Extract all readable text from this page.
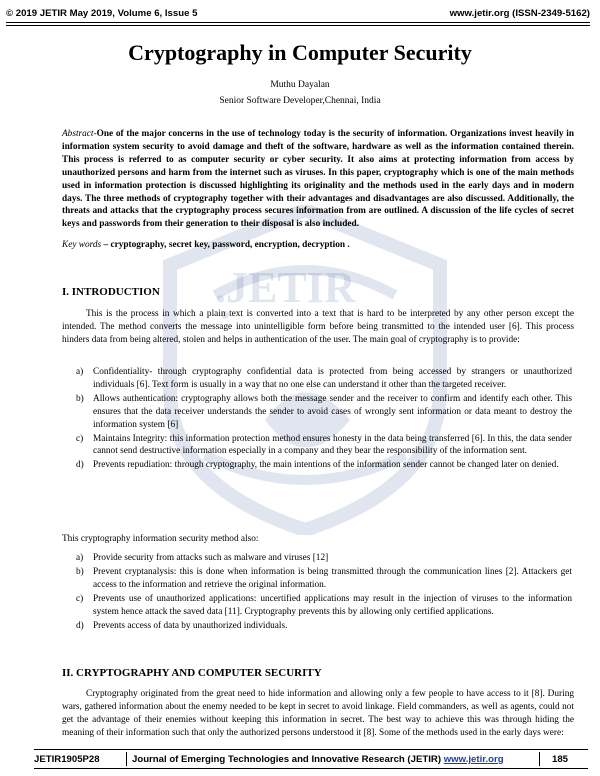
© 2019 JETIR May 2019, Volume 6, Issue 5	www.jetir.org (ISSN-2349-5162)
.JETIR
Cryptography in Computer Security
Muthu Dayalan
Senior Software Developer,Chennai, India
Abstract-One of the major concerns in the use of technology today is the security of information. Organizations invest heavily in information system security to avoid damage and theft of the software, hardware as well as the information contained therein. This process is referred to as computer security or cyber security. It also aims at protecting information from access by unauthorized persons and harm from the internet such as viruses. In this paper, cryptography which is one of the main methods used in information protection is discussed highlighting its originality and the methods used in the early days and in modern days. The three methods of cryptography together with their advantages and disadvantages are also discussed. Additionally, the threats and attacks that the cryptography process secures information from are outlined. A discussion of the life cycles of secret keys and passwords from their generation to their disposal is also included.
Key words – cryptography, secret key, password, encryption, decryption .
I. INTRODUCTION
This is the process in which a plain text is converted into a text that is hard to be interpreted by any other person except the intended. The method converts the message into unintelligible form before being transmitted to the intended user [6]. This process hinders data from being altered, stolen and helps in authentication of the user. The main goal of cryptography is to provide:
a) Confidentiality- through cryptography confidential data is protected from being accessed by strangers or unauthorized individuals [6]. Text form is usually in a way that no one else can understand it other than the targeted receiver.
b) Allows authentication: cryptography allows both the message sender and the receiver to confirm and identify each other. This ensures that the data receiver understands the sender to avoid cases of wrongly sent information or data meant to destroy the information system [6]
c) Maintains Integrity: this information protection method ensures honesty in the data being transferred [6]. In this, the data sender cannot send destructive information especially in a company and they bear the responsibility of the information sent.
d) Prevents repudiation: through cryptography, the main intentions of the information sender cannot be changed later on denied.
This cryptography information security method also:
a) Provide security from attacks such as malware and viruses [12]
b) Prevent cryptanalysis: this is done when information is being transmitted through the communication lines [2]. Attackers get access to the information and retrieve the original information.
c) Prevents use of unauthorized applications: uncertified applications may result in the injection of viruses to the information system hence attack the saved data [11]. Cryptography prevents this by allowing only certified applications.
d) Prevents access of data by unauthorized individuals.
II. CRYPTOGRAPHY AND COMPUTER SECURITY
Cryptography originated from the great need to hide information and allowing only a few people to have access to it [8]. During wars, gathered information about the enemy needed to be kept in secret to avoid linkage. Field commanders, as well as agents, could not get the advantage of their enemies without keeping this information in secret. The best way to achieve this was through hiding the meaning of their information such that only the authorized persons understood it [8]. Some of the methods used in the early days were:
JETIR1905P28	Journal of Emerging Technologies and Innovative Research (JETIR) www.jetir.org	185
